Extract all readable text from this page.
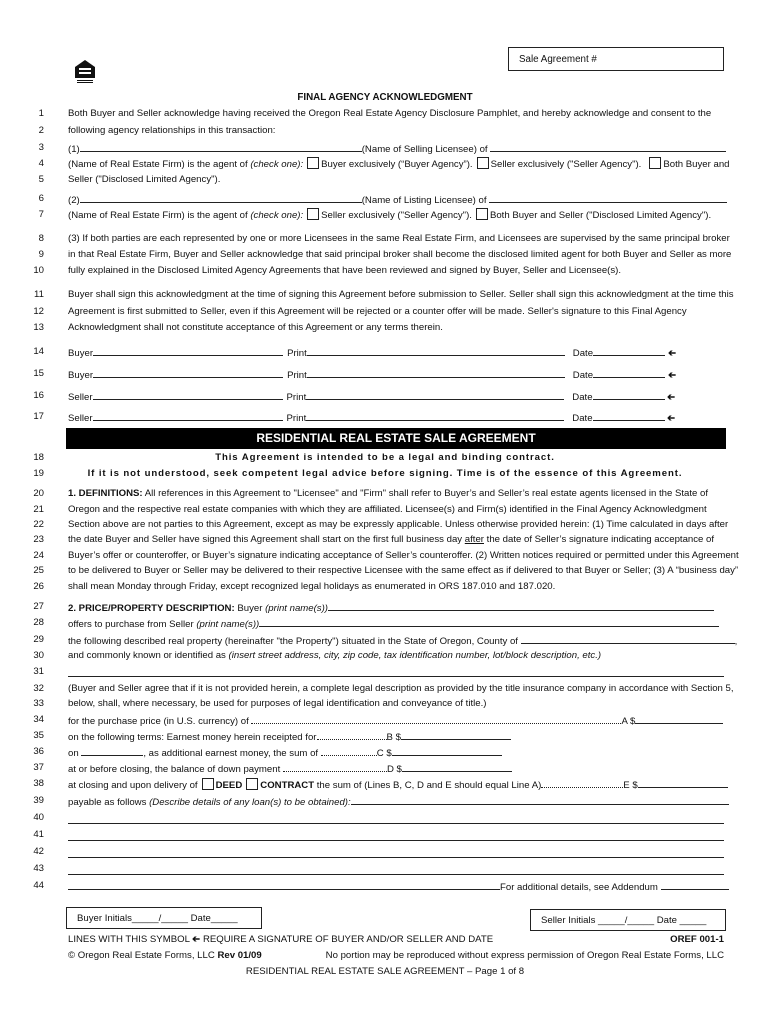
Sale Agreement #
FINAL AGENCY ACKNOWLEDGMENT
1	Both Buyer and Seller acknowledge having received the Oregon Real Estate Agency Disclosure Pamphlet, and hereby acknowledge and consent to the
2	following agency relationships in this transaction:
3	(1)	(Name of Selling Licensee) of
4	(Name of Real Estate Firm) is the agent of (check one): Buyer exclusively (“Buyer Agency”). Seller exclusively ("Seller Agency"). Both Buyer and
5	Seller ("Disclosed Limited Agency").
6	(2)	(Name of Listing Licensee) of
7	(Name of Real Estate Firm) is the agent of (check one): Seller exclusively ("Seller Agency"). Both Buyer and Seller ("Disclosed Limited Agency").
8	(3) If both parties are each represented by one or more Licensees in the same Real Estate Firm, and Licensees are supervised by the same principal broker
9	in that Real Estate Firm, Buyer and Seller acknowledge that said principal broker shall become the disclosed limited agent for both Buyer and Seller as more
10	fully explained in the Disclosed Limited Agency Agreements that have been reviewed and signed by Buyer, Seller and Licensee(s).
11	Buyer shall sign this acknowledgment at the time of signing this Agreement before submission to Seller. Seller shall sign this acknowledgment at the time this
12	Agreement is first submitted to Seller, even if this Agreement will be rejected or a counter offer will be made. Seller's signature to this Final Agency
13	Acknowledgment shall not constitute acceptance of this Agreement or any terms therein.
14	Buyer	Print	Date	➔
15	Buyer	Print	Date	➔
16	Seller	Print	Date	➔
17	Seller	Print	Date	➔
RESIDENTIAL REAL ESTATE SALE AGREEMENT
18	This Agreement is intended to be a legal and binding contract.
19	If it is not understood, seek competent legal advice before signing. Time is of the essence of this Agreement.
20	1. DEFINITIONS: All references in this Agreement to "Licensee" and "Firm" shall refer to Buyer’s and Seller’s real estate agents licensed in the State of
21	Oregon and the respective real estate companies with which they are affiliated. Licensee(s) and Firm(s) identified in the Final Agency Acknowledgment
22	Section above are not parties to this Agreement, except as may be expressly applicable. Unless otherwise provided herein: (1) Time calculated in days after
23	the date Buyer and Seller have signed this Agreement shall start on the first full business day after the date of Seller’s signature indicating acceptance of
24	Buyer’s offer or counteroffer, or Buyer’s signature indicating acceptance of Seller’s counteroffer. (2) Written notices required or permitted under this Agreement
25	to be delivered to Buyer or Seller may be delivered to their respective Licensee with the same effect as if delivered to that Buyer or Seller; (3) A “business day”
26	shall mean Monday through Friday, except recognized legal holidays as enumerated in ORS 187.010 and 187.020.
27	2. PRICE/PROPERTY DESCRIPTION: Buyer (print name(s))
28	offers to purchase from Seller (print name(s))
29	the following described real property (hereinafter "the Property") situated in the State of Oregon, County of	,
30	and commonly known or identified as (insert street address, city, zip code, tax identification number, lot/block description, etc.)
31
32	(Buyer and Seller agree that if it is not provided herein, a complete legal description as provided by the title insurance company in accordance with Section 5,
33	below, shall, where necessary, be used for purposes of legal identification and conveyance of title.)
34	for the purchase price (in U.S. currency) of	A $
35	on the following terms: Earnest money herein receipted for	B $
36	on	, as additional earnest money, the sum of	C $
37	at or before closing, the balance of down payment	D $
38	at closing and upon delivery of DEED CONTRACT the sum of (Lines B, C, D and E should equal Line A)	E $
39	payable as follows (Describe details of any loan(s) to be obtained):
40
41
42
43
44	For additional details, see Addendum
Buyer Initials_____/_____ Date_____	Seller Initials _____/_____ Date _____
LINES WITH THIS SYMBOL ➔ REQUIRE A SIGNATURE OF BUYER AND/OR SELLER AND DATE	OREF 001-1
© Oregon Real Estate Forms, LLC Rev 01/09	No portion may be reproduced without express permission of Oregon Real Estate Forms, LLC
RESIDENTIAL REAL ESTATE SALE AGREEMENT – Page 1 of 8
